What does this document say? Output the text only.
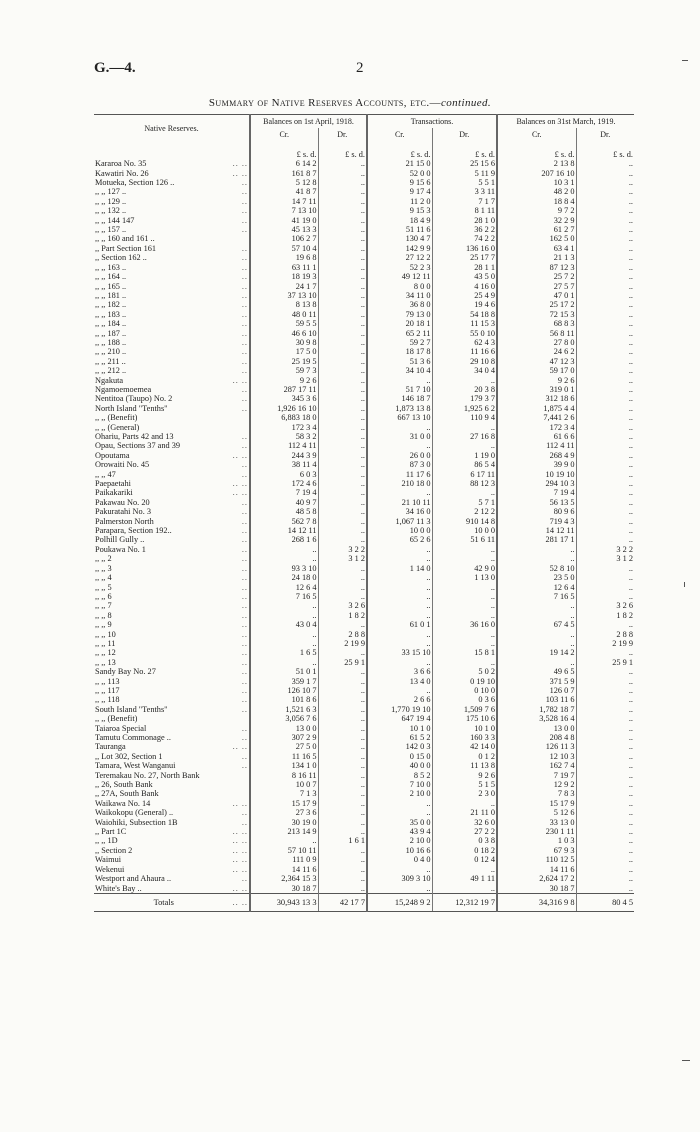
G.—4.	2
Summary of Native Reserves Accounts, etc.—continued.
Native Reserves.	Balances on 1st April, 1918.		Transactions.		Balances on 31st March, 1919.	
	Cr.	Dr.	Cr.	Dr.	Cr.	Dr.
	£ s. d.	£ s. d.	£ s. d.	£ s. d.	£ s. d.	£ s. d.

Kararoa No. 35 .. ..	6 14 2	..	21 15 0	25 15 6	2 13 8	..

Kawatiri No. 26 .. ..	161 8 7	..	52 0 0	5 11 9	207 16 10	..

Motueka, Section 126 .. ..	5 12 8	..	9 15 6	5 5 1	10 3 1	..

,, ,, 127 .. ..	41 8 7	..	9 17 4	3 3 11	48 2 0	..

,, ,, 129 .. ..	14 7 11	..	11 2 0	7 1 7	18 8 4	..

,, ,, 132 .. ..	7 13 10	..	9 15 3	8 1 11	9 7 2	..

,, ,, 144 147 ..	41 19 0	..	18 4 9	28 1 0	32 2 9	..

,, ,, 157 .. ..	45 13 3	..	51 11 6	36 2 2	61 2 7	..

,, ,, 160 and 161 ..	106 2 7	..	130 4 7	74 2 2	162 5 0	..

,, Part Section 161 ..	57 10 4	..	142 9 9	136 16 0	63 4 1	..

,, Section 162 .. ..	19 6 8	..	27 12 2	25 17 7	21 1 3	..

,, ,, 163 .. ..	63 11 1	..	52 2 3	28 1 1	87 12 3	..

,, ,, 164 .. ..	18 19 3	..	49 12 11	43 5 0	25 7 2	..

,, ,, 165 .. ..	24 1 7	..	8 0 0	4 16 0	27 5 7	..

,, ,, 181 .. ..	37 13 10	..	34 11 0	25 4 9	47 0 1	..

,, ,, 182 .. ..	8 13 8	..	36 8 0	19 4 6	25 17 2	..

,, ,, 183 .. ..	48 0 11	..	79 13 0	54 18 8	72 15 3	..

,, ,, 184 .. ..	59 5 5	..	20 18 1	11 15 3	68 8 3	..

,, ,, 187 .. ..	46 6 10	..	65 2 11	55 0 10	56 8 11	..

,, ,, 188 .. ..	30 9 8	..	59 2 7	62 4 3	27 8 0	..

,, ,, 210 .. ..	17 5 0	..	18 17 8	11 16 6	24 6 2	..

,, ,, 211 .. ..	25 19 5	..	51 3 6	29 10 8	47 12 3	..

,, ,, 212 .. ..	59 7 3	..	34 10 4	34 0 4	59 17 0	..

Ngakuta .. ..	9 2 6	..	..	..	9 2 6	..

Ngamoemoemea ..	287 17 11	..	51 7 10	20 3 8	319 0 1	..

Nentitoa (Taupo) No. 2 ..	345 3 6	..	146 18 7	179 3 7	312 18 6	..

North Island "Tenths" ..	1,926 16 10	..	1,873 13 8	1,925 6 2	1,875 4 4	..

,, ,, (Benefit)	6,883 18 0	..	667 13 10	110 9 4	7,441 2 6	..

,, ,, (General)	172 3 4	..	..	..	172 3 4	..

Ohariu, Parts 42 and 13 ..	58 3 2	..	31 0 0	27 16 8	61 6 6	..

Opau, Sections 37 and 39 ..	112 4 11	..	..	..	112 4 11	..

Opoutama .. ..	244 3 9	..	26 0 0	1 19 0	268 4 9	..

Orowaiti No. 45 ..	38 11 4	..	87 3 0	86 5 4	39 9 0	..

,, ,, 47 ..	6 0 3	..	11 17 6	6 17 11	10 19 10	..

Paepaetahi .. ..	172 4 6	..	210 18 0	88 12 3	294 10 3	..

Paikakariki .. ..	7 19 4	..	..	..	7 19 4	..

Pakawau No. 20 ..	40 9 7	..	21 10 11	5 7 1	56 13 5	..

Pakuratahi No. 3 ..	48 5 8	..	34 16 0	2 12 2	80 9 6	..

Palmerston North ..	562 7 8	..	1,067 11 3	910 14 8	719 4 3	..

Parapara, Section 192.. ..	14 12 11	..	10 0 0	10 0 0	14 12 11	..

Polhill Gully .. ..	268 1 6	..	65 2 6	51 6 11	281 17 1	..

Poukawa No. 1 ..	..	3 2 2	..	..	..	3 2 2

,, ,, 2 ..	..	3 1 2	..	..	..	3 1 2

,, ,, 3 ..	93 3 10	..	1 14 0	42 9 0	52 8 10	..

,, ,, 4 ..	24 18 0	..	..	1 13 0	23 5 0	..

,, ,, 5 ..	12 6 4	..	..	..	12 6 4	..

,, ,, 6 ..	7 16 5	..	..	..	7 16 5	..

,, ,, 7 ..	..	3 2 6	..	..	..	3 2 6

,, ,, 8 ..	..	1 8 2	..	..	..	1 8 2

,, ,, 9 ..	43 0 4	..	61 0 1	36 16 0	67 4 5	..

,, ,, 10 ..	..	2 8 8	..	..	..	2 8 8

,, ,, 11 ..	..	2 19 9	..	..	..	2 19 9

,, ,, 12 ..	1 6 5	..	33 15 10	15 8 1	19 14 2	..

,, ,, 13 ..	..	25 9 1	..	..	..	25 9 1

Sandy Bay No. 27 ..	51 0 1	..	3 6 6	5 0 2	49 6 5	..

,, ,, 113 ..	359 1 7	..	13 4 0	0 19 10	371 5 9	..

,, ,, 117 ..	126 10 7	..	..	0 10 0	126 0 7	..

,, ,, 118 ..	101 8 6	..	2 6 6	0 3 6	103 11 6	..

South Island "Tenths" ..	1,521 6 3	..	1,770 19 10	1,509 7 6	1,782 18 7	..

,, ,, (Benefit)	3,056 7 6	..	647 19 4	175 10 6	3,528 16 4	..

Taiaroa Special ..	13 0 0	..	10 1 0	10 1 0	13 0 0	..

Tamutu Commonage .. ..	307 2 9	..	61 5 2	160 3 3	208 4 8	..

Tauranga .. ..	27 5 0	..	142 0 3	42 14 0	126 11 3	..

,, Lot 302, Section 1 ..	11 16 5	..	0 15 0	0 1 2	12 10 3	..

Tamara, West Wanganui ..	134 1 0	..	40 0 0	11 13 8	162 7 4	..

Teremakau No. 27, North Bank	8 16 11	..	8 5 2	9 2 6	7 19 7	..

,, 26, South Bank	10 0 7	..	7 10 0	5 1 5	12 9 2	..

,, 27A, South Bank	7 1 3	..	2 10 0	2 3 0	7 8 3	..

Waikawa No. 14 .. ..	15 17 9	..	..	..	15 17 9	..

Waikokopu (General) .. ..	27 3 6	..	..	21 11 0	5 12 6	..

Waiohiki, Subsection 1B ..	30 19 0	..	35 0 0	32 6 0	33 13 0	..

,, Part 1C .. ..	213 14 9	..	43 9 4	27 2 2	230 1 11	..

,, ,, 1D .. ..	..	1 6 1	2 10 0	0 3 8	1 0 3	..

,, Section 2 .. ..	57 10 11	..	10 16 6	0 18 2	67 9 3	..

Waimui .. ..	111 0 9	..	0 4 0	0 12 4	110 12 5	..

Wekenui .. ..	14 11 6	..	..	..	14 11 6	..

Westport and Ahaura .. ..	2,364 15 3	..	309 3 10	49 1 11	2,624 17 2	..

White's Bay .. .. ..	30 18 7	..	..	..	30 18 7	..
Totals .. ..	30,943 13 3	42 17 7	15,248 9 2	12,312 19 7	34,316 9 8	80 4 5
